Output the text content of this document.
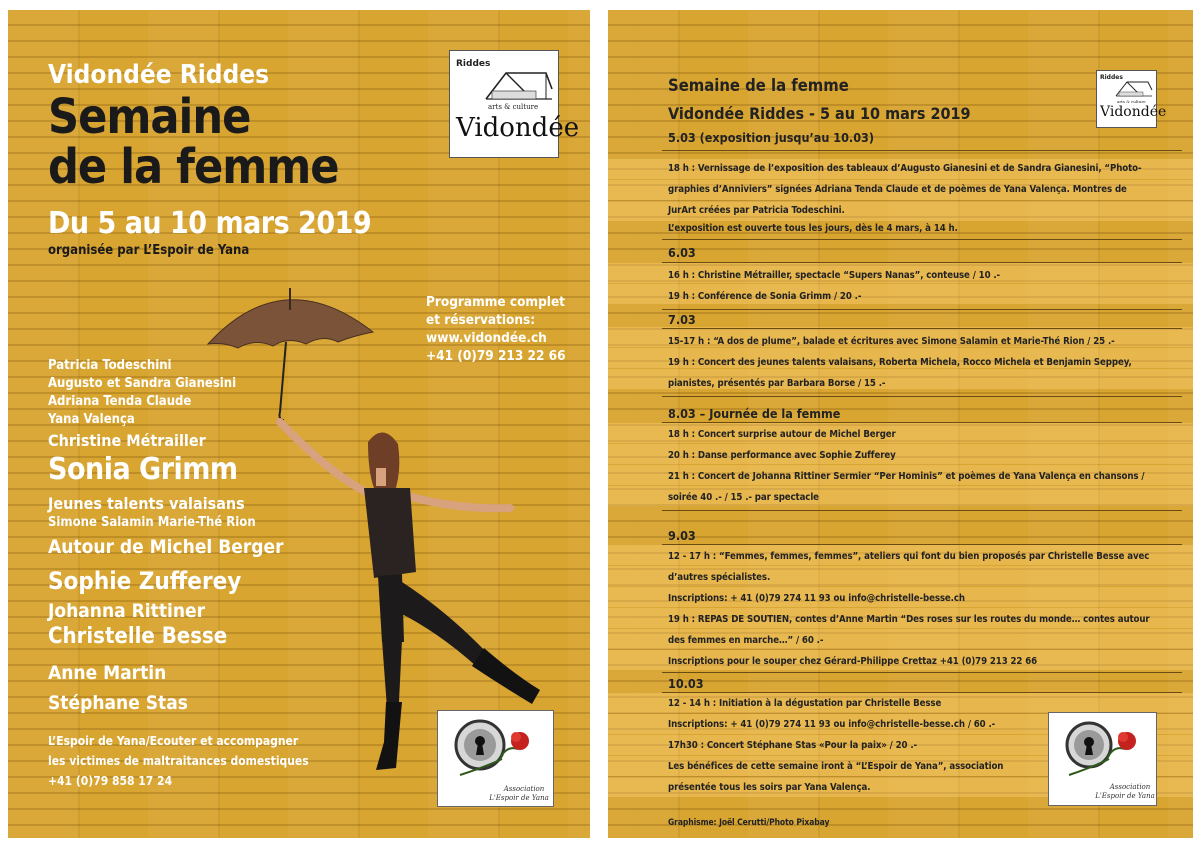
Vidondée Riddes
Semaine
de la femme
Du 5 au 10 mars 2019
organisée par L’Espoir de Yana
Riddes
arts & culture
Vidondée
Programme complet
et réservations:
www.vidondée.ch
+41 (0)79 213 22 66
Patricia Todeschini
Augusto et Sandra Gianesini
Adriana Tenda Claude
Yana Valença
Christine Métrailler
Sonia Grimm
Jeunes talents valaisans
Simone Salamin Marie-Thé Rion
Autour de Michel Berger
Sophie Zufferey
Johanna Rittiner
Christelle Besse
Anne Martin
Stéphane Stas
L’Espoir de Yana/Ecouter et accompagner
les victimes de maltraitances domestiques
+41 (0)79 858 17 24
Association
L'Espoir de Yana
Semaine de la femme
Vidondée Riddes - 5 au 10 mars 2019
Riddes
arts & culture
Vidondée
5.03 (exposition jusqu’au 10.03)
18 h : Vernissage de l’exposition des tableaux d’Augusto Gianesini et de Sandra Gianesini, “Photo-
graphies d’Anniviers” signées Adriana Tenda Claude et de poèmes de Yana Valença. Montres de
JurArt créées par Patricia Todeschini.
L’exposition est ouverte tous les jours, dès le 4 mars, à 14 h.
6.03
16 h : Christine Métrailler, spectacle “Supers Nanas”, conteuse / 10 .-
19 h : Conférence de Sonia Grimm / 20 .-
7.03
15-17 h : “A dos de plume”, balade et écritures avec Simone Salamin et Marie-Thé Rion / 25 .-
19 h : Concert des jeunes talents valaisans, Roberta Michela, Rocco Michela et Benjamin Seppey,
pianistes, présentés par Barbara Borse / 15 .-
8.03 – Journée de la femme
18 h : Concert surprise autour de Michel Berger
20 h : Danse performance avec Sophie Zufferey
21 h : Concert de Johanna Rittiner Sermier “Per Hominis” et poèmes de Yana Valença en chansons /
soirée 40 .- / 15 .- par spectacle
9.03
12 - 17 h : “Femmes, femmes, femmes”, ateliers qui font du bien proposés par Christelle Besse avec
d’autres spécialistes.
Inscriptions: + 41 (0)79 274 11 93 ou info@christelle-besse.ch
19 h : REPAS DE SOUTIEN, contes d’Anne Martin “Des roses sur les routes du monde… contes autour
des femmes en marche…” / 60 .-
Inscriptions pour le souper chez Gérard-Philippe Crettaz +41 (0)79 213 22 66
10.03
12 - 14 h : Initiation à la dégustation par Christelle Besse
Inscriptions: + 41 (0)79 274 11 93 ou info@christelle-besse.ch / 60 .-
17h30 : Concert Stéphane Stas «Pour la paix» / 20 .-
Les bénéfices de cette semaine iront à “L’Espoir de Yana”, association
présentée tous les soirs par Yana Valença.
Graphisme: Joël Cerutti/Photo Pixabay
Association
L'Espoir de Yana
